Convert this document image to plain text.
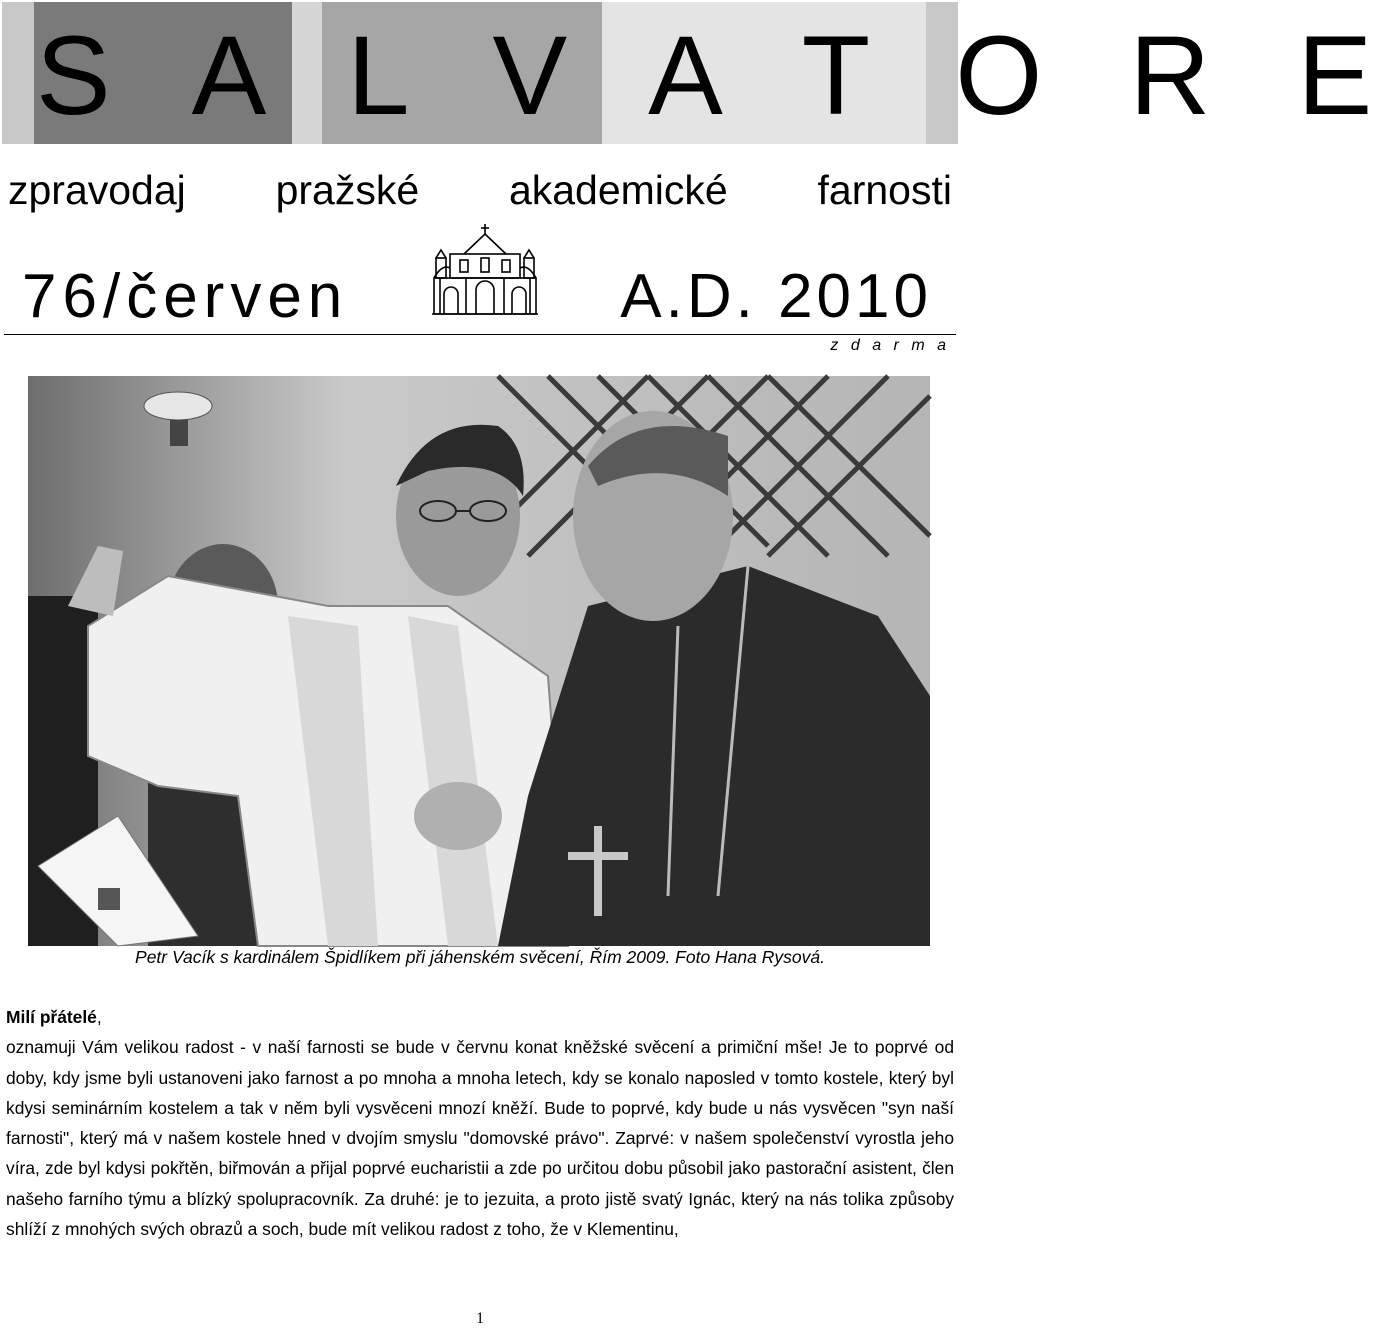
S A L V A T O R E
zpravodaj pražské akademické farnosti
76/červen	A.D. 2010
z d a r m a
Petr Vacík s kardinálem Špidlíkem při jáhenském svěcení, Řím 2009. Foto Hana Rysová.
Milí přátelé,
oznamuji Vám velikou radost - v naší farnosti se bude v červnu konat kněžské svěcení a primiční mše! Je to poprvé od doby, kdy jsme byli ustanoveni jako farnost a po mnoha a mnoha letech, kdy se konalo naposled v tomto kostele, který byl kdysi seminárním kostelem a tak v něm byli vysvěceni mnozí kněží. Bude to poprvé, kdy bude u nás vysvěcen "syn naší farnosti", který má v našem kostele hned v dvojím smyslu "domovské právo". Zaprvé: v našem společenství vyrostla jeho víra, zde byl kdysi pokřtěn, biřmován a přijal poprvé eucharistii a zde po určitou dobu působil jako pastorační asistent, člen našeho farního týmu a blízký spolupracovník. Za druhé: je to jezuita, a proto jistě svatý Ignác, který na nás tolika způsoby shlíží z mnohých svých obrazů a soch, bude mít velikou radost z toho, že v Klementinu,
1
